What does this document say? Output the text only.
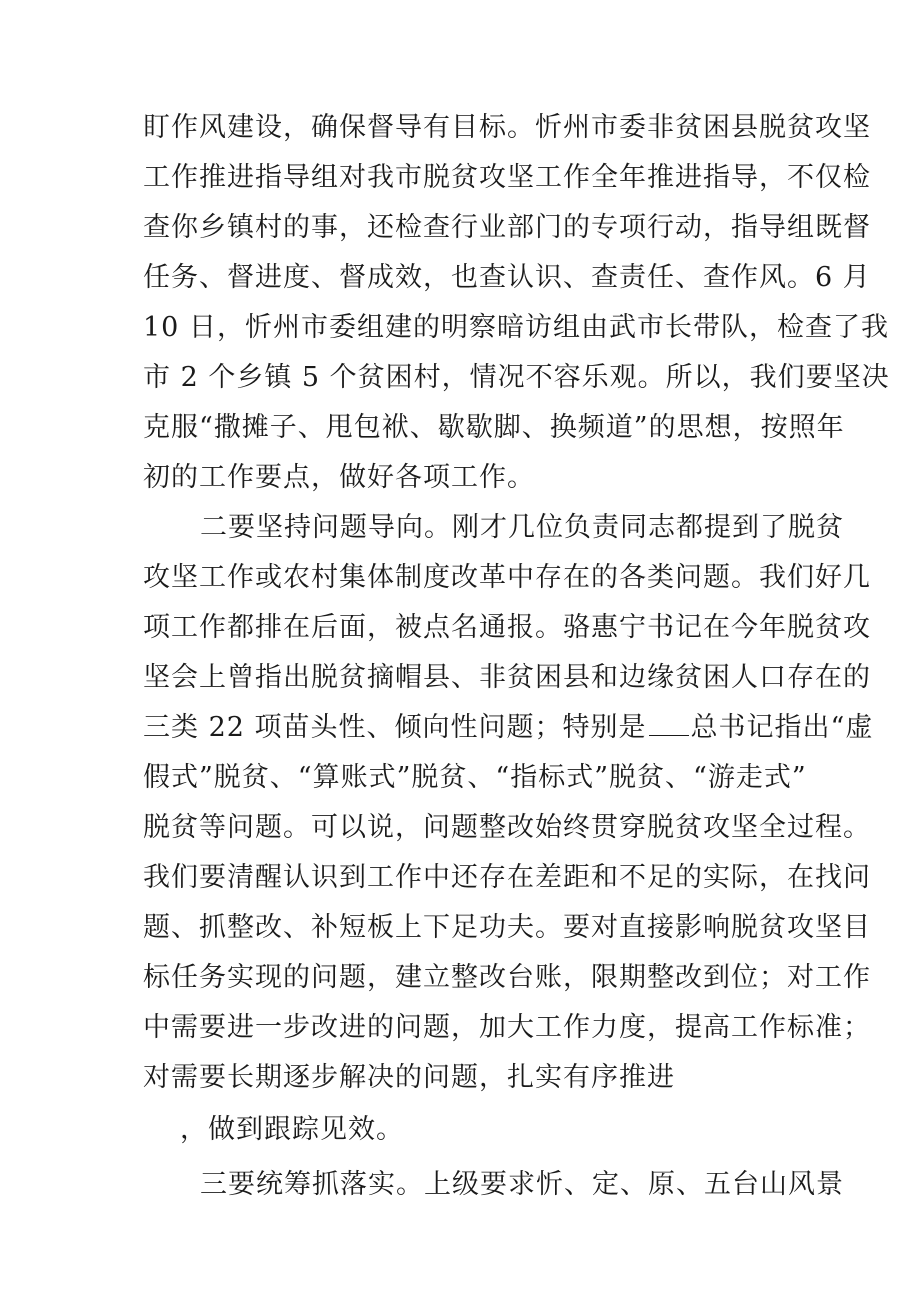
盯作风建设，确保督导有目标。忻州市委非贫困县脱贫攻坚
工作推进指导组对我市脱贫攻坚工作全年推进指导，不仅检
查你乡镇村的事，还检查行业部门的专项行动，指导组既督
任务、督进度、督成效，也查认识、查责任、查作风。6 月
10 日，忻州市委组建的明察暗访组由武市长带队，检查了我
市 2 个乡镇 5 个贫困村，情况不容乐观。所以，我们要坚决
克服“撒摊子、甩包袱、歇歇脚、换频道”的思想，按照年
初的工作要点，做好各项工作。
二要坚持问题导向。刚才几位负责同志都提到了脱贫
攻坚工作或农村集体制度改革中存在的各类问题。我们好几
项工作都排在后面，被点名通报。骆惠宁书记在今年脱贫攻
坚会上曾指出脱贫摘帽县、非贫困县和边缘贫困人口存在的
三类 22 项苗头性、倾向性问题；特别是 总书记指出“虚
假式”脱贫、“算账式”脱贫、“指标式”脱贫、“游走式”
脱贫等问题。可以说，问题整改始终贯穿脱贫攻坚全过程。
我们要清醒认识到工作中还存在差距和不足的实际，在找问
题、抓整改、补短板上下足功夫。要对直接影响脱贫攻坚目
标任务实现的问题，建立整改台账，限期整改到位；对工作
中需要进一步改进的问题，加大工作力度，提高工作标准；
对需要长期逐步解决的问题，扎实有序推进
，做到跟踪见效。
三要统筹抓落实。上级要求忻、定、原、五台山风景
